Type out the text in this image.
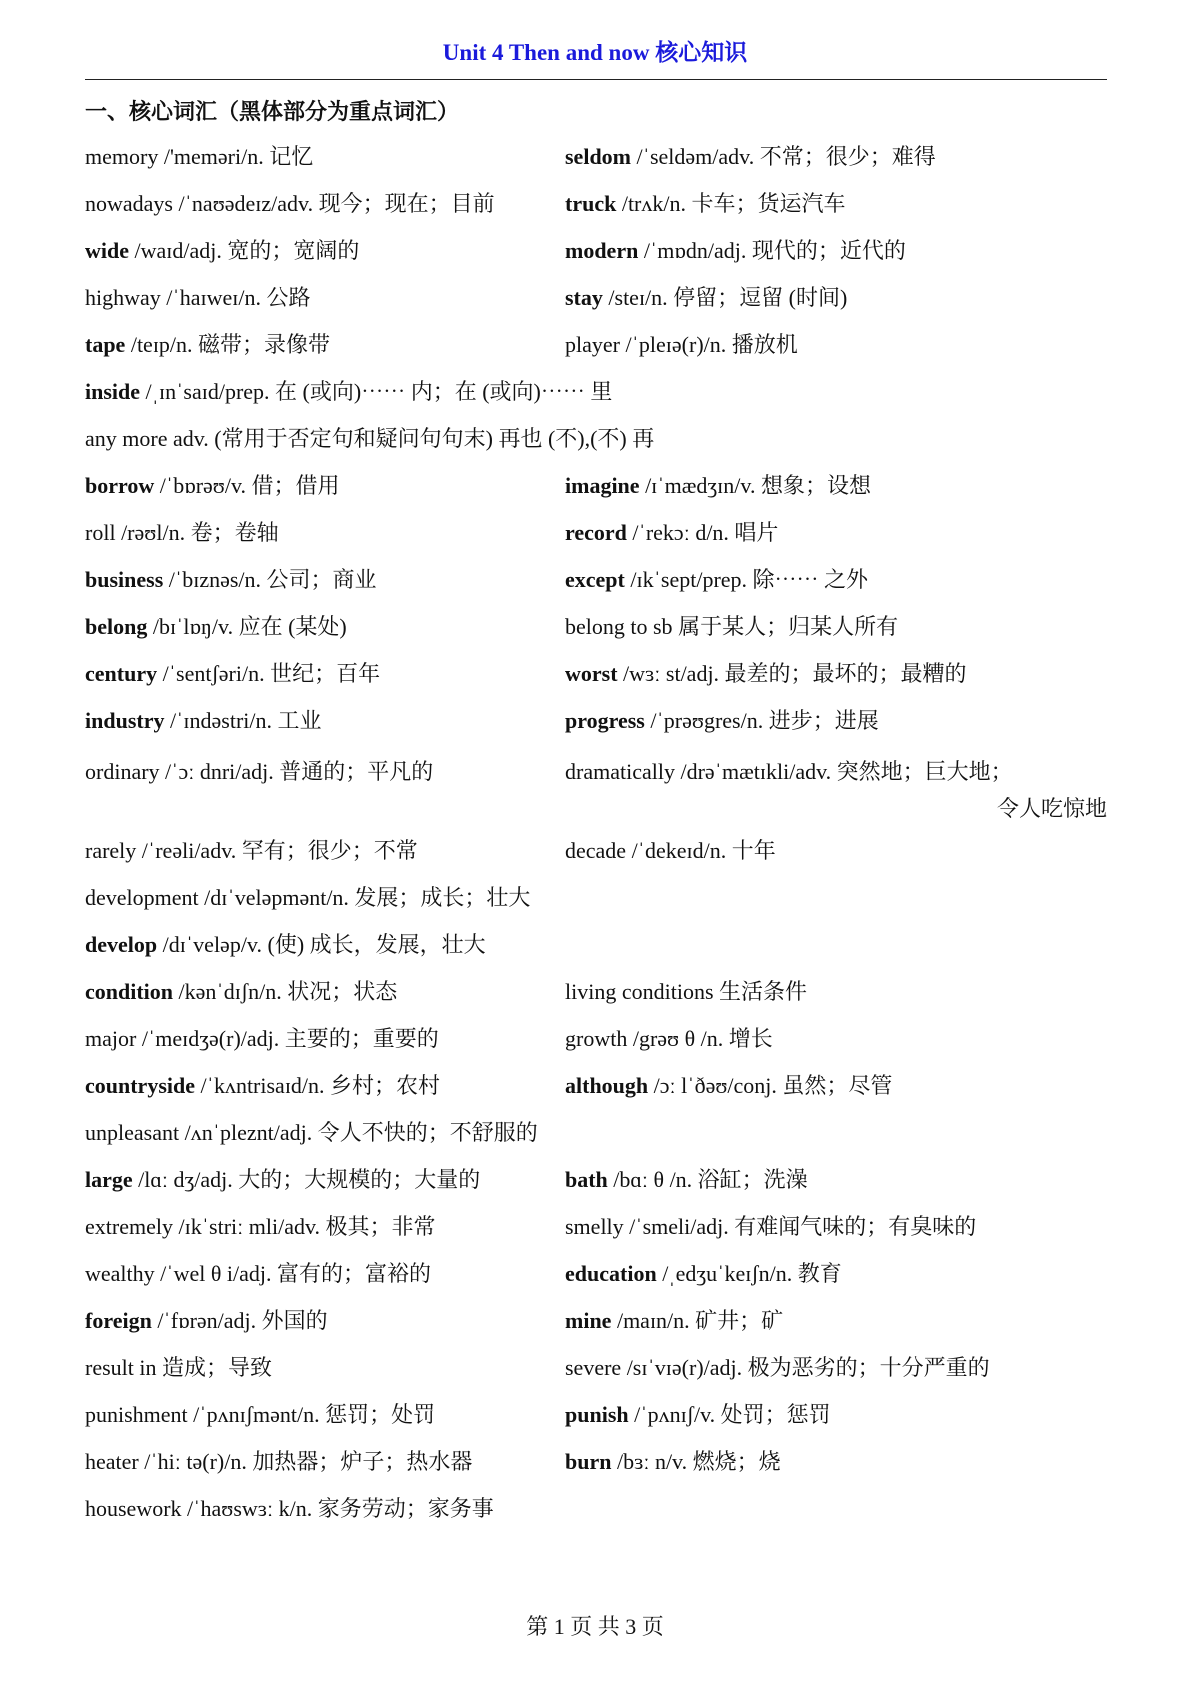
Unit 4 Then and now 核心知识
一、核心词汇（黑体部分为重点词汇）
memory /'meməri/n. 记忆	seldom /ˈseldəm/adv. 不常；很少；难得
nowadays /ˈnaʊədeɪz/adv. 现今；现在；目前	truck /trʌk/n. 卡车；货运汽车
wide /waɪd/adj. 宽的；宽阔的	modern /ˈmɒdn/adj. 现代的；近代的
highway /ˈhaɪweɪ/n. 公路	stay /steɪ/n. 停留；逗留 (时间)
tape /teɪp/n. 磁带；录像带	player /ˈpleɪə(r)/n. 播放机
inside /ˌɪnˈsaɪd/prep. 在 (或向)⋯⋯ 内；在 (或向)⋯⋯ 里
any more adv. (常用于否定句和疑问句句末) 再也 (不),(不) 再
borrow /ˈbɒrəʊ/v. 借；借用	imagine /ɪˈmædʒɪn/v. 想象；设想
roll /rəʊl/n. 卷；卷轴	record /ˈrekɔː d/n. 唱片
business /ˈbɪznəs/n. 公司；商业	except /ɪkˈsept/prep. 除⋯⋯ 之外
belong /bɪˈlɒŋ/v. 应在 (某处)	belong to sb 属于某人；归某人所有
century /ˈsentʃəri/n. 世纪；百年	worst /wɜː st/adj. 最差的；最坏的；最糟的
industry /ˈɪndəstri/n. 工业	progress /ˈprəʊgres/n. 进步；进展
ordinary /ˈɔː dnri/adj. 普通的；平凡的	dramatically /drəˈmætɪkli/adv. 突然地；巨大地；
令人吃惊地
rarely /ˈreəli/adv. 罕有；很少；不常	decade /ˈdekeɪd/n. 十年
development /dɪˈveləpmənt/n. 发展；成长；壮大
develop /dɪˈveləp/v. (使) 成长，发展，壮大
condition /kənˈdɪʃn/n. 状况；状态	living conditions 生活条件
major /ˈmeɪdʒə(r)/adj. 主要的；重要的	growth /grəʊ θ /n. 增长
countryside /ˈkʌntrisaɪd/n. 乡村；农村	although /ɔː lˈðəʊ/conj. 虽然；尽管
unpleasant /ʌnˈpleznt/adj. 令人不快的；不舒服的
large /lɑː dʒ/adj. 大的；大规模的；大量的	bath /bɑː θ /n. 浴缸；洗澡
extremely /ɪkˈstriː mli/adv. 极其；非常	smelly /ˈsmeli/adj. 有难闻气味的；有臭味的
wealthy /ˈwel θ i/adj. 富有的；富裕的	education /ˌedʒuˈkeɪʃn/n. 教育
foreign /ˈfɒrən/adj. 外国的	mine /maɪn/n. 矿井；矿
result in 造成；导致	severe /sɪˈvɪə(r)/adj. 极为恶劣的；十分严重的
punishment /ˈpʌnɪʃmənt/n. 惩罚；处罚	punish /ˈpʌnɪʃ/v. 处罚；惩罚
heater /ˈhiː tə(r)/n. 加热器；炉子；热水器	burn /bɜː n/v. 燃烧；烧
housework /ˈhaʊswɜː k/n. 家务劳动；家务事
第 1 页 共 3 页
